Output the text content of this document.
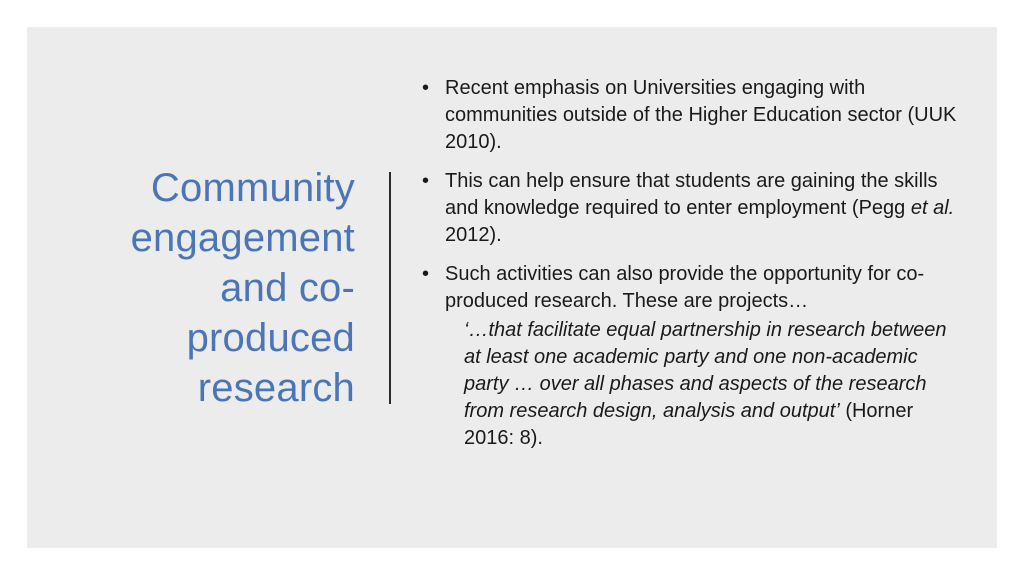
Community
engagement
and co-
produced
research
• Recent emphasis on Universities engaging with communities outside of the Higher Education sector (UUK 2010).
• This can help ensure that students are gaining the skills and knowledge required to enter employment (Pegg et al. 2012).
• Such activities can also provide the opportunity for co-produced research. These are projects…
‘…that facilitate equal partnership in research between at least one academic party and one non-academic party … over all phases and aspects of the research from research design, analysis and output’ (Horner 2016: 8).
